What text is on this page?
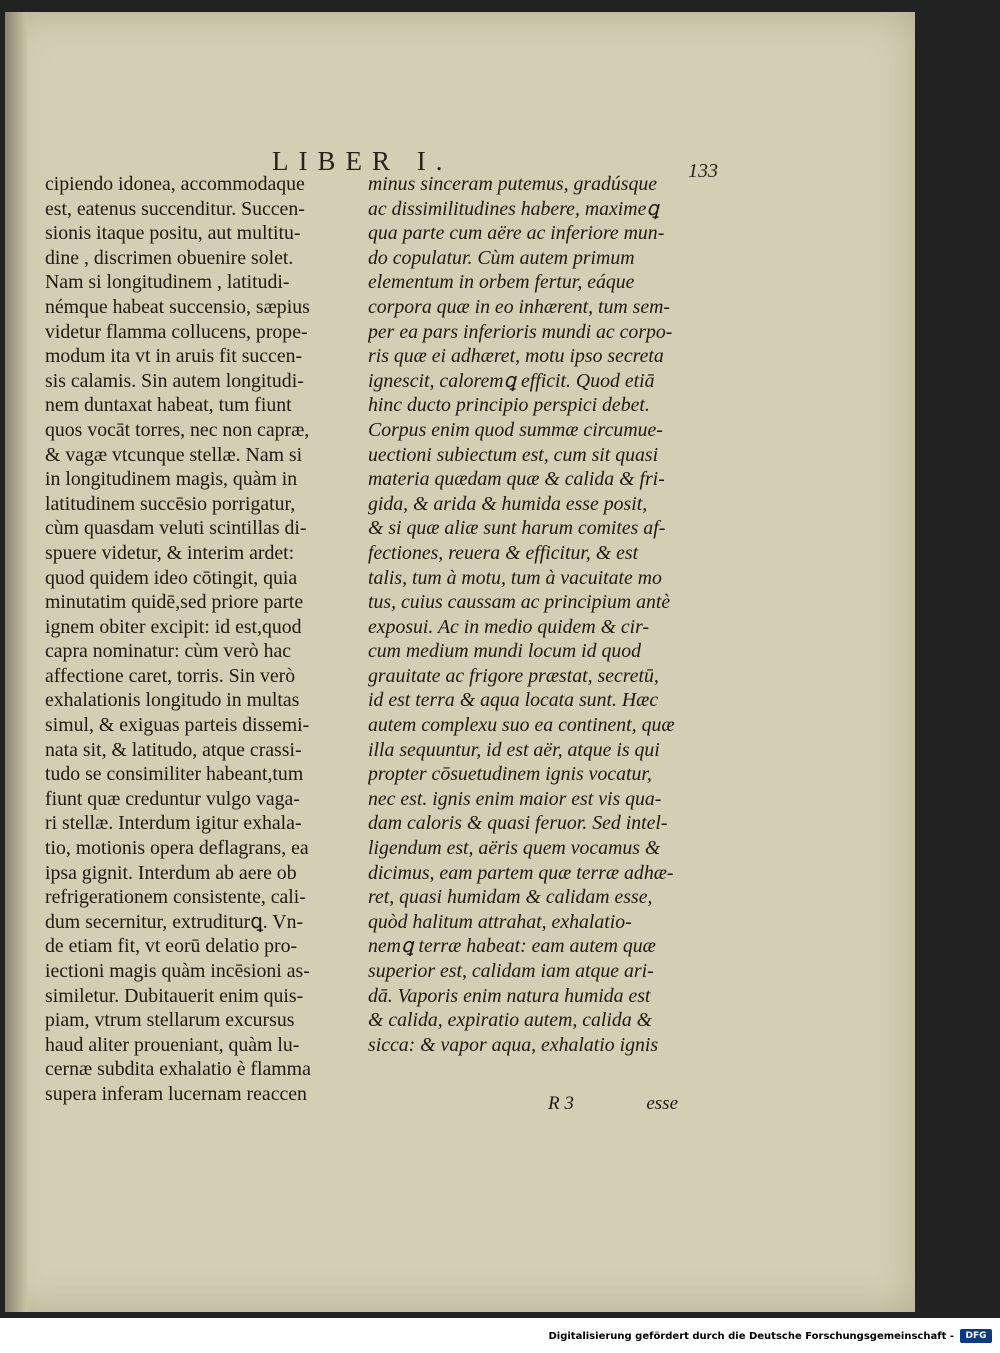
LIBER I.	133
cipiendo idonea, accommodaque
est, eatenus succenditur. Succen-
sionis itaque positu, aut multitu-
dine , discrimen obuenire solet.
Nam si longitudinem , latitudi-
némque habeat succensio, sæpius
videtur flamma collucens, prope-
modum ita vt in aruis fit succen-
sis calamis. Sin autem longitudi-
nem duntaxat habeat, tum fiunt
quos vocāt torres, nec non capræ,
& vagæ vtcunque stellæ. Nam si
in longitudinem magis, quàm in
latitudinem succēsio porrigatur,
cùm quasdam veluti scintillas di-
spuere videtur, & interim ardet:
quod quidem ideo cōtingit, quia
minutatim quidē,sed priore parte
ignem obiter excipit: id est,quod
capra nominatur: cùm verò hac
affectione caret, torris. Sin verò
exhalationis longitudo in multas
simul, & exiguas parteis dissemi-
nata sit, & latitudo, atque crassi-
tudo se consimiliter habeant,tum
fiunt quæ creduntur vulgo vaga-
ri stellæ. Interdum igitur exhala-
tio, motionis opera deflagrans, ea
ipsa gignit. Interdum ab aere ob
refrigerationem consistente, cali-
dum secernitur, extruditurꝗ. Vn-
de etiam fit, vt eorū delatio pro-
iectioni magis quàm incēsioni as-
similetur. Dubitauerit enim quis-
piam, vtrum stellarum excursus
haud aliter proueniant, quàm lu-
cernæ subdita exhalatio è flamma
supera inferam lucernam reaccen
minus sinceram putemus, gradúsque
ac dissimilitudines habere, maximeꝗ
qua parte cum aëre ac inferiore mun-
do copulatur. Cùm autem primum
elementum in orbem fertur, eáque
corpora quæ in eo inhærent, tum sem-
per ea pars inferioris mundi ac corpo-
ris quæ ei adhæret, motu ipso secreta
ignescit, caloremꝗ efficit. Quod etiā
hinc ducto principio perspici debet.
Corpus enim quod summæ circumue-
uectioni subiectum est, cum sit quasi
materia quædam quæ & calida & fri-
gida, & arida & humida esse posit,
& si quæ aliæ sunt harum comites af-
fectiones, reuera & efficitur, & est
talis, tum à motu, tum à vacuitate mo
tus, cuius caussam ac principium antè
exposui. Ac in medio quidem & cir-
cum medium mundi locum id quod
grauitate ac frigore præstat, secretū,
id est terra & aqua locata sunt. Hæc
autem complexu suo ea continent, quæ
illa sequuntur, id est aër, atque is qui
propter cōsuetudinem ignis vocatur,
nec est. ignis enim maior est vis qua-
dam caloris & quasi feruor. Sed intel-
ligendum est, aëris quem vocamus &
dicimus, eam partem quæ terræ adhæ-
ret, quasi humidam & calidam esse,
quòd halitum attrahat, exhalatio-
nemꝗ terræ habeat: eam autem quæ
superior est, calidam iam atque ari-
dā. Vaporis enim natura humida est
& calida, expiratio autem, calida &
sicca: & vapor aqua, exhalatio ignis
R 3	esse
Digitalisierung gefördert durch die Deutsche Forschungsgemeinschaft -	DFG
